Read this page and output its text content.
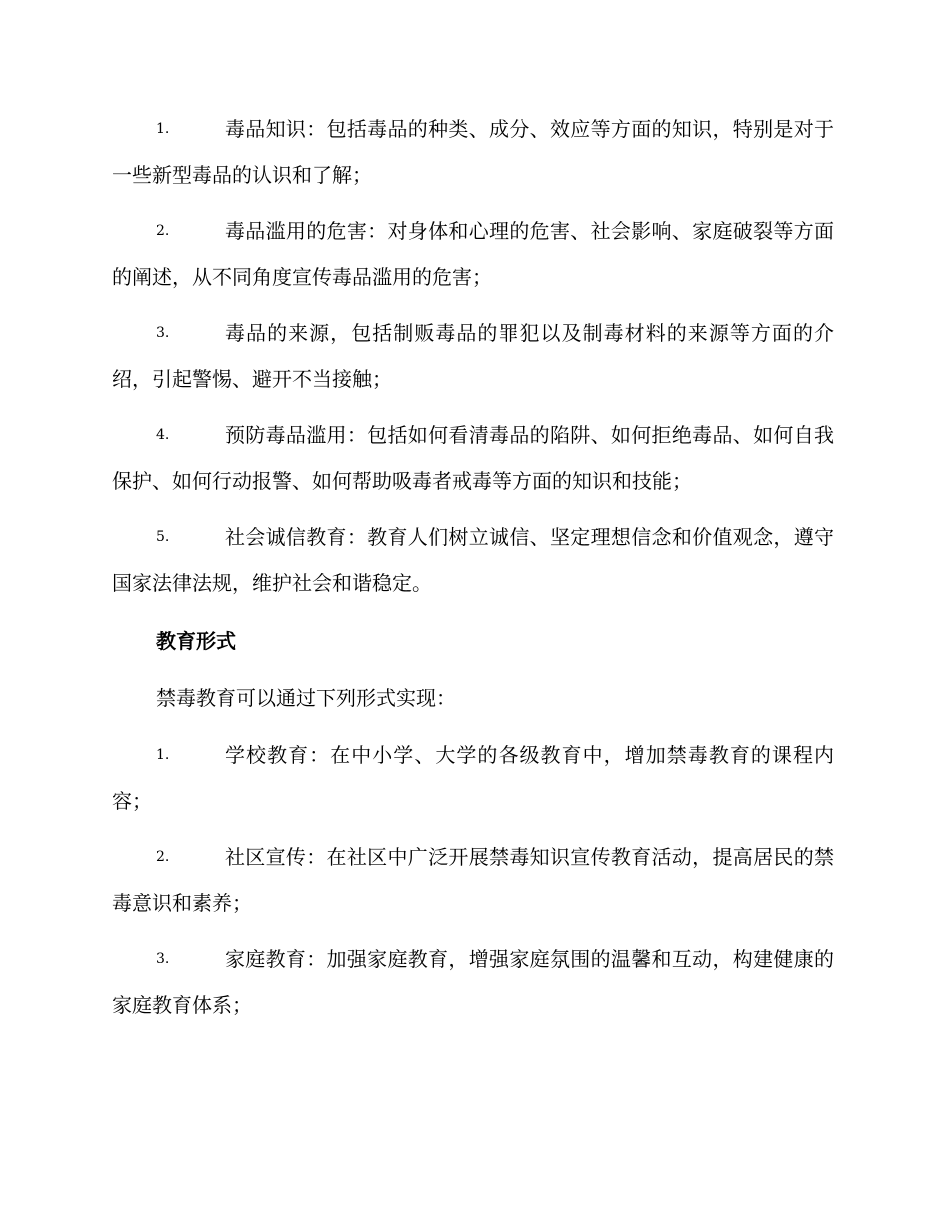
1.	毒品知识：包括毒品的种类、成分、效应等方面的知识，特别是对于一些新型毒品的认识和了解；
2.	毒品滥用的危害：对身体和心理的危害、社会影响、家庭破裂等方面的阐述，从不同角度宣传毒品滥用的危害；
3.	毒品的来源，包括制贩毒品的罪犯以及制毒材料的来源等方面的介绍，引起警惕、避开不当接触；
4.	预防毒品滥用：包括如何看清毒品的陷阱、如何拒绝毒品、如何自我保护、如何行动报警、如何帮助吸毒者戒毒等方面的知识和技能；
5.	社会诚信教育：教育人们树立诚信、坚定理想信念和价值观念，遵守国家法律法规，维护社会和谐稳定。
教育形式
禁毒教育可以通过下列形式实现：
1.	学校教育：在中小学、大学的各级教育中，增加禁毒教育的课程内容；
2.	社区宣传：在社区中广泛开展禁毒知识宣传教育活动，提高居民的禁毒意识和素养；
3.	家庭教育：加强家庭教育，增强家庭氛围的温馨和互动，构建健康的家庭教育体系；
